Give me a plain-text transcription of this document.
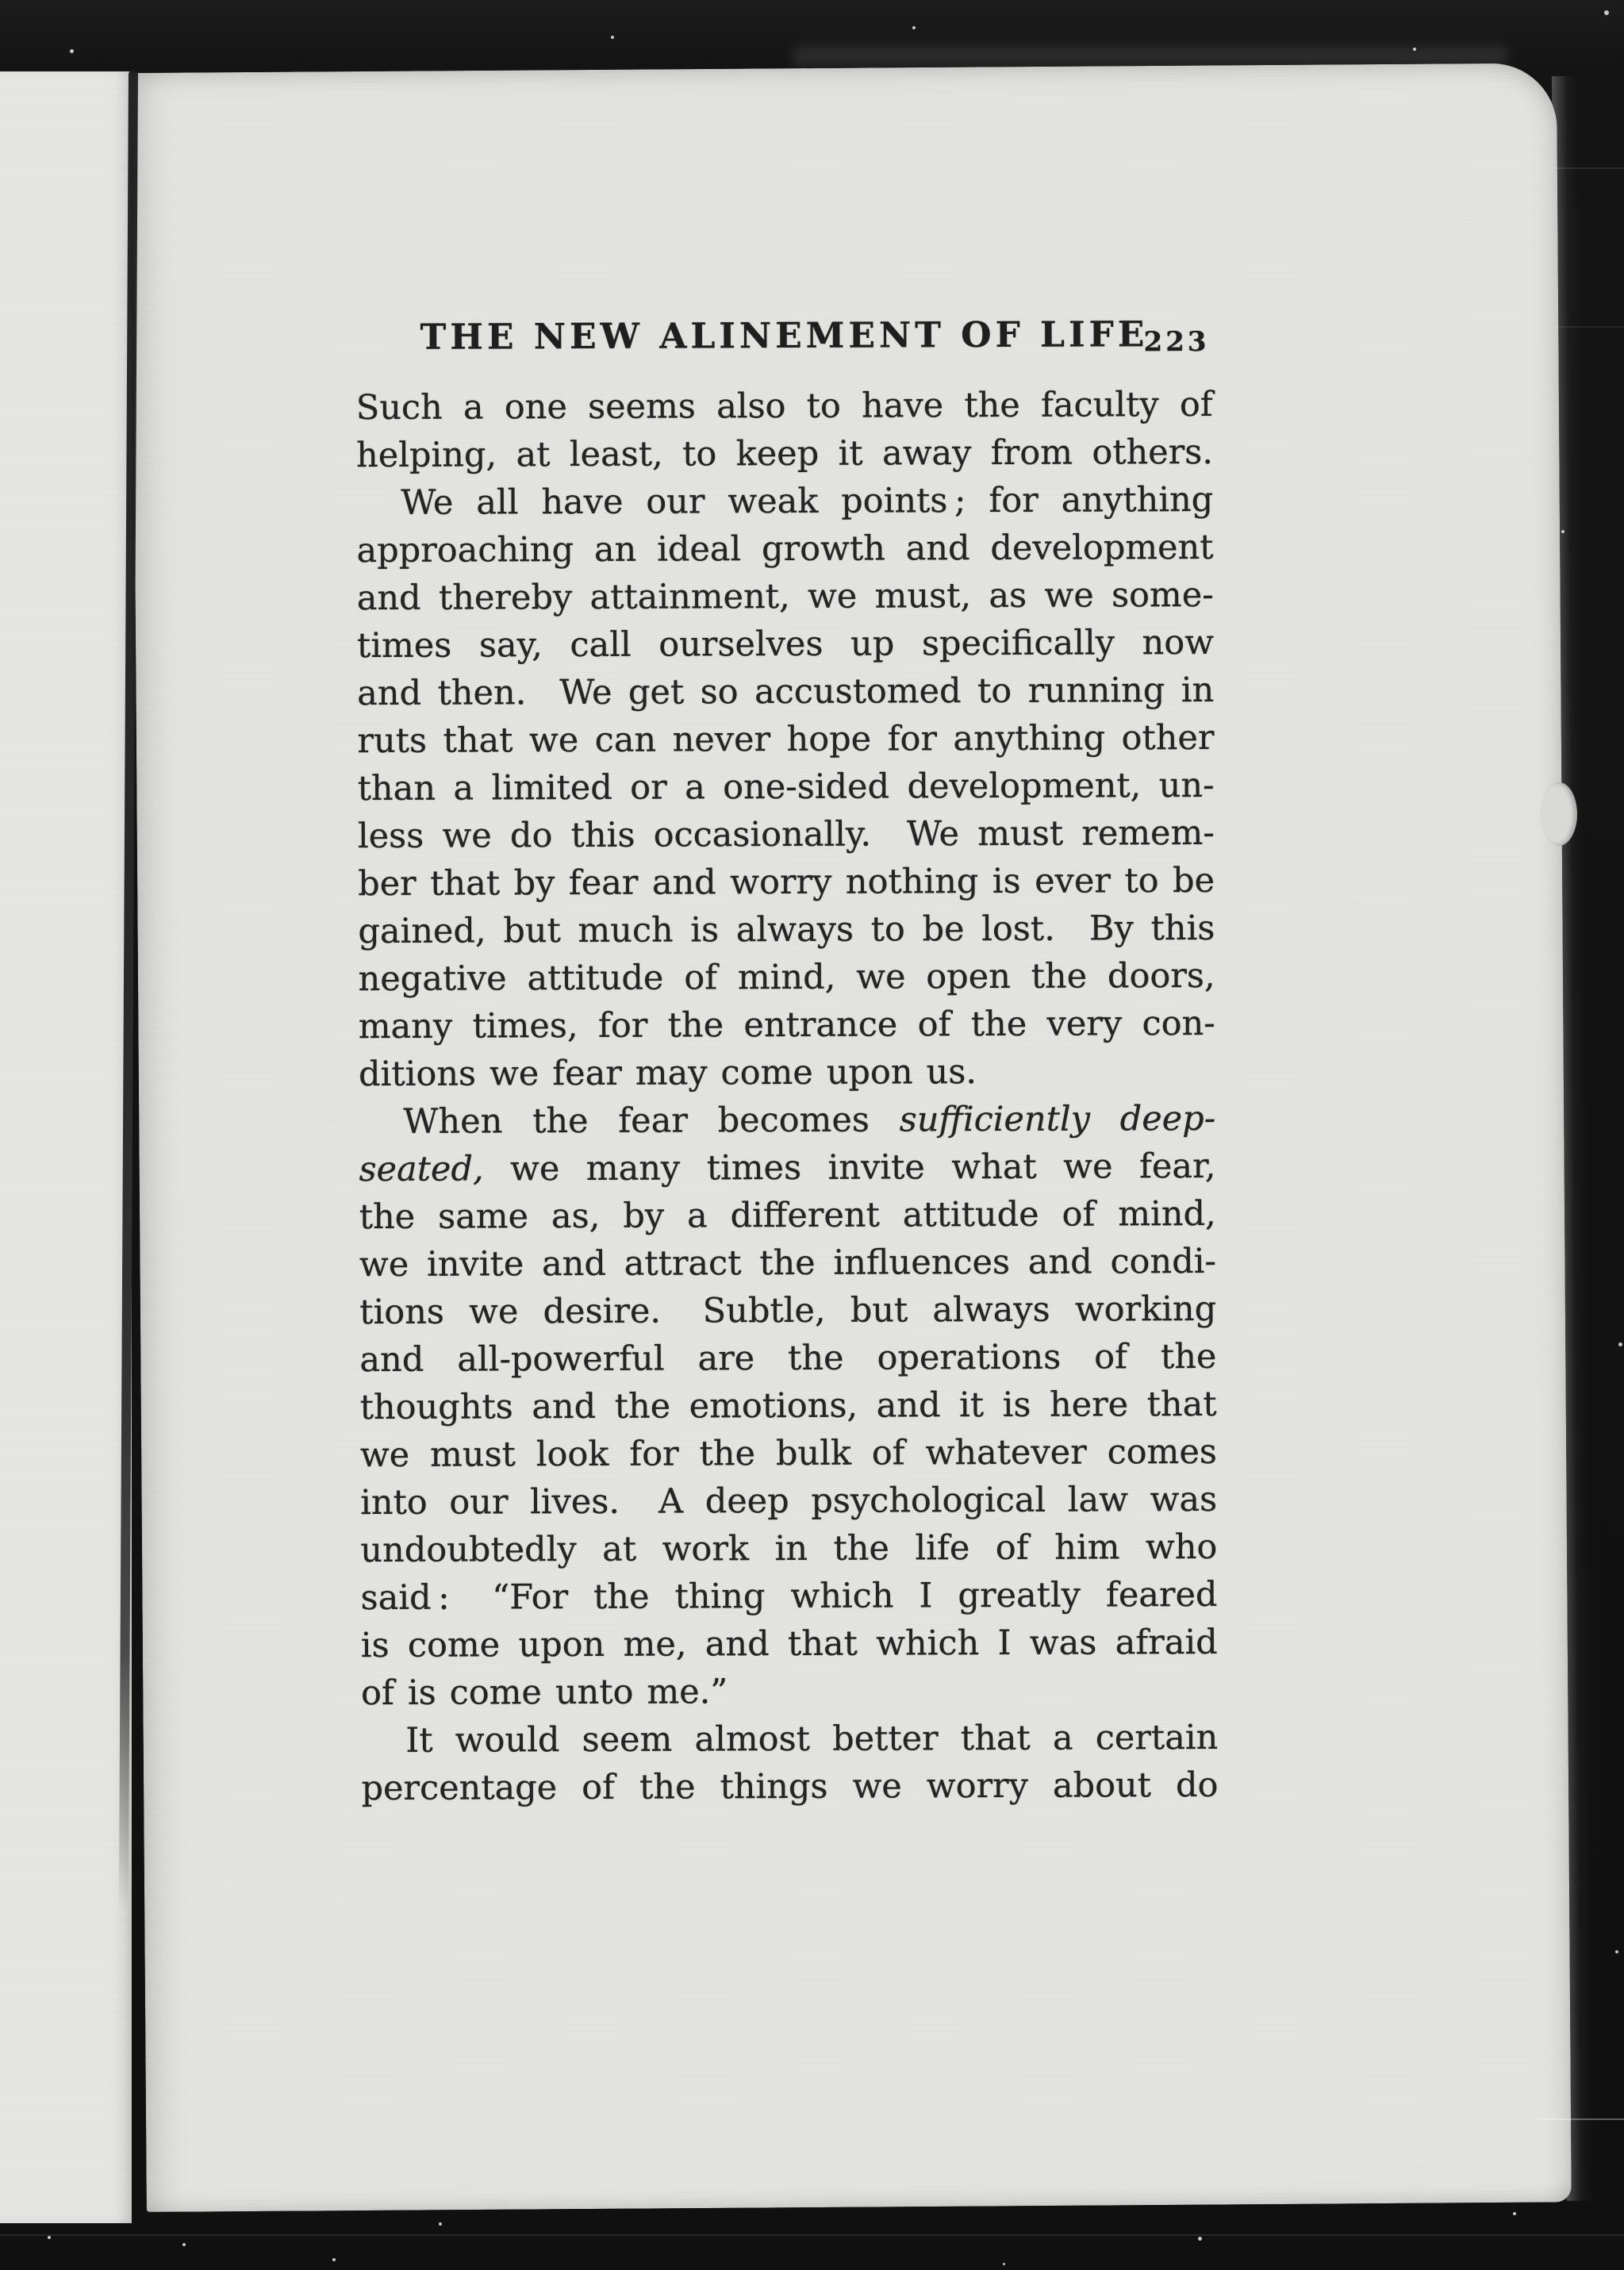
THE NEW ALINEMENT OF LIFE
223
Such a one seems also to have the faculty of
helping, at least, to keep it away from others.
We all have our weak points ; for anything
approaching an ideal growth and development
and thereby attainment, we must, as we some-
times say, call ourselves up specifically now
and then.  We get so accustomed to running in
ruts that we can never hope for anything other
than a limited or a one-sided development, un-
less we do this occasionally.  We must remem-
ber that by fear and worry nothing is ever to be
gained, but much is always to be lost.  By this
negative attitude of mind, we open the doors,
many times, for the entrance of the very con-
ditions we fear may come upon us.
When the fear becomes sufficiently deep-
seated, we many times invite what we fear,
the same as, by a different attitude of mind,
we invite and attract the influences and condi-
tions we desire.  Subtle, but always working
and all-powerful are the operations of the
thoughts and the emotions, and it is here that
we must look for the bulk of whatever comes
into our lives.  A deep psychological law was
undoubtedly at work in the life of him who
said :  “For the thing which I greatly feared
is come upon me, and that which I was afraid
of is come unto me.”
It would seem almost better that a certain
percentage of the things we worry about do
